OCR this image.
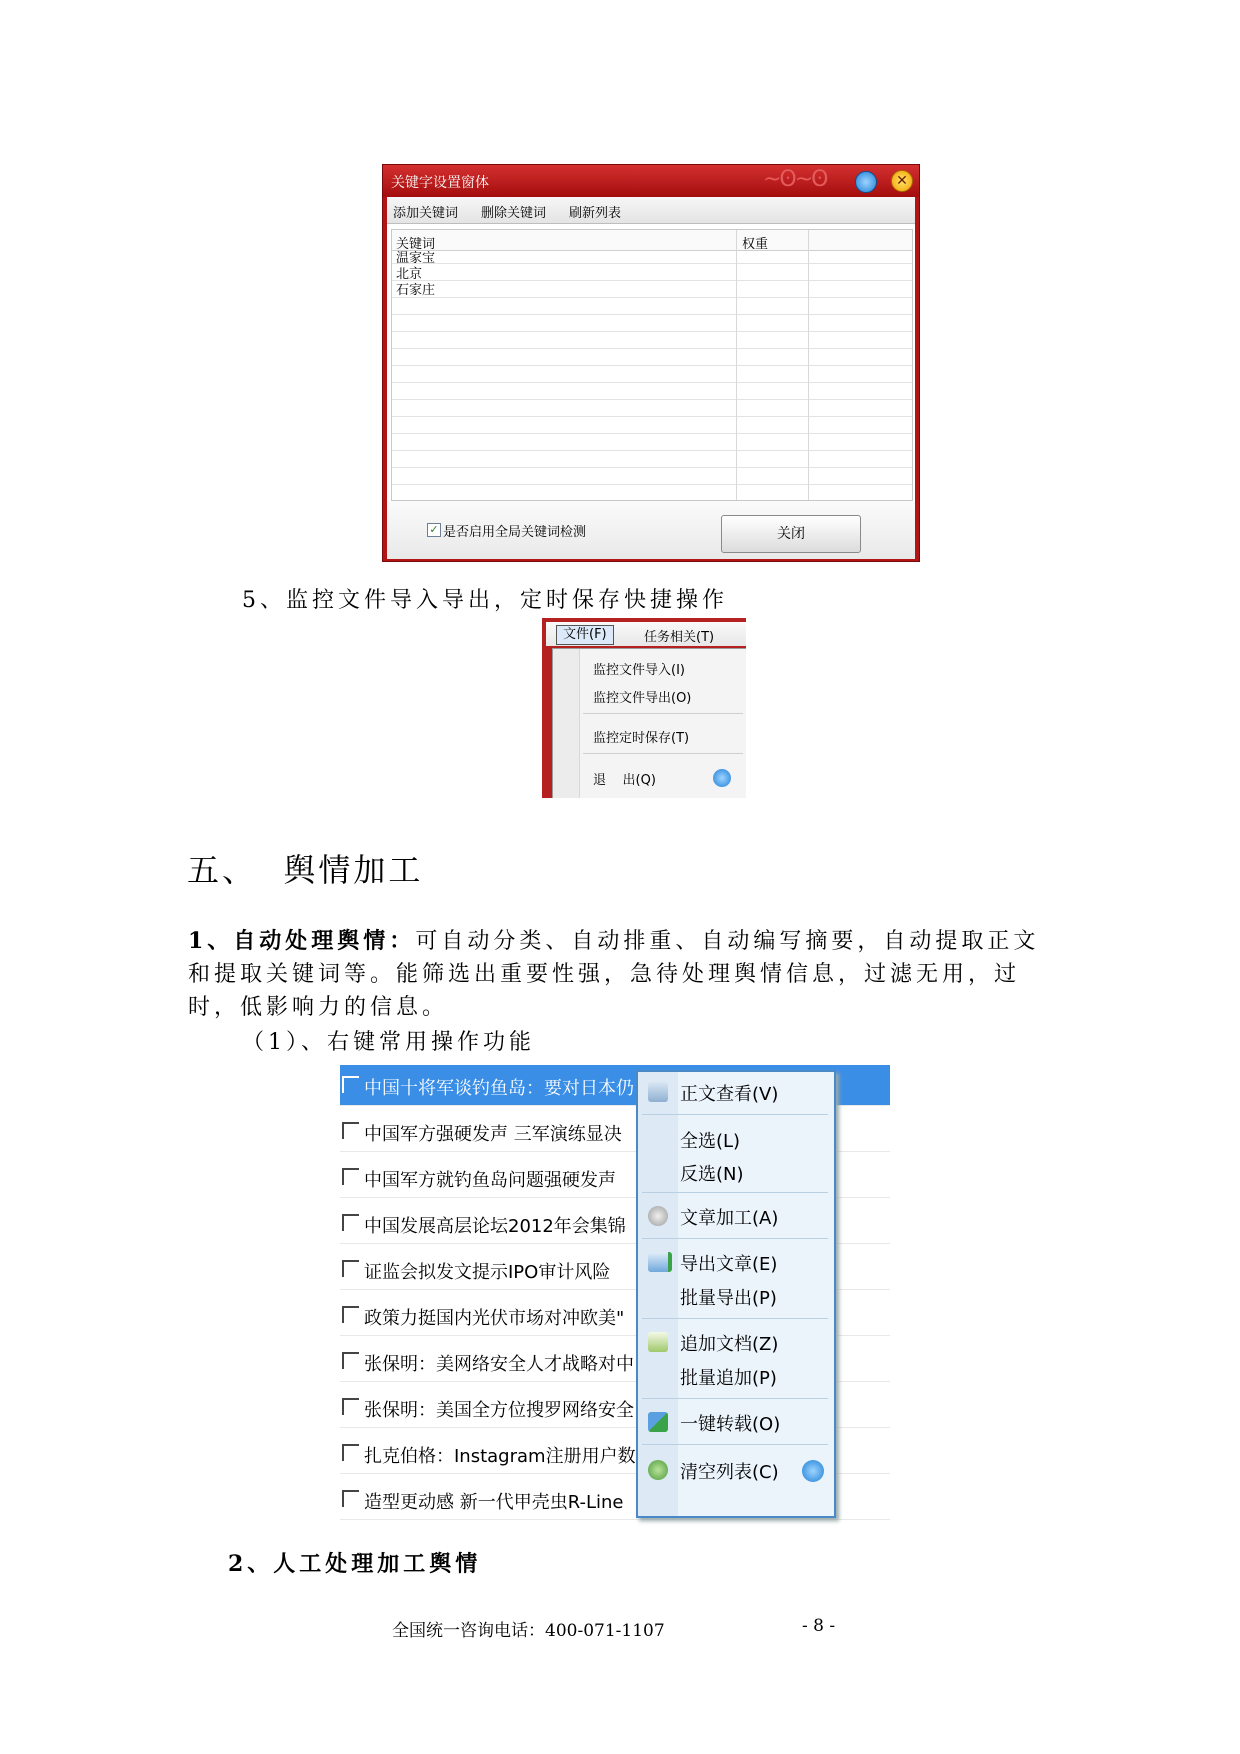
关键字设置窗体	~ʘ~ʘ	✕
添加关键词 删除关键词 刷新列表
关键词	权重
温家宝
北京
石家庄
✓ 是否启用全局关键词检测	关闭
5、监控文件导入导出，定时保存快捷操作
文件(F)	任务相关(T)
监控文件导入(I)
监控文件导出(O)
监控定时保存(T)
退    出(Q)
五、  舆情加工
1、自动处理舆情：可自动分类、自动排重、自动编写摘要，自动提取正文和提取关键词等。能筛选出重要性强，急待处理舆情信息，过滤无用，过时，低影响力的信息。
（1）、右键常用操作功能
中国十将军谈钓鱼岛：要对日本仍
中国军方强硬发声 三军演练显决
中国军方就钓鱼岛问题强硬发声
中国发展高层论坛2012年会集锦
证监会拟发文提示IPO审计风险
政策力挺国内光伏市场对冲欧美"
张保明：美网络安全人才战略对中
张保明：美国全方位搜罗网络安全
扎克伯格：Instagram注册用户数
造型更动感 新一代甲壳虫R-Line
正文查看(V)
全选(L)
反选(N)
文章加工(A)
导出文章(E)
批量导出(P)
追加文档(Z)
批量追加(P)
一键转载(O)
清空列表(C)
2、人工处理加工舆情
全国统一咨询电话：400-071-1107	- 8 -
